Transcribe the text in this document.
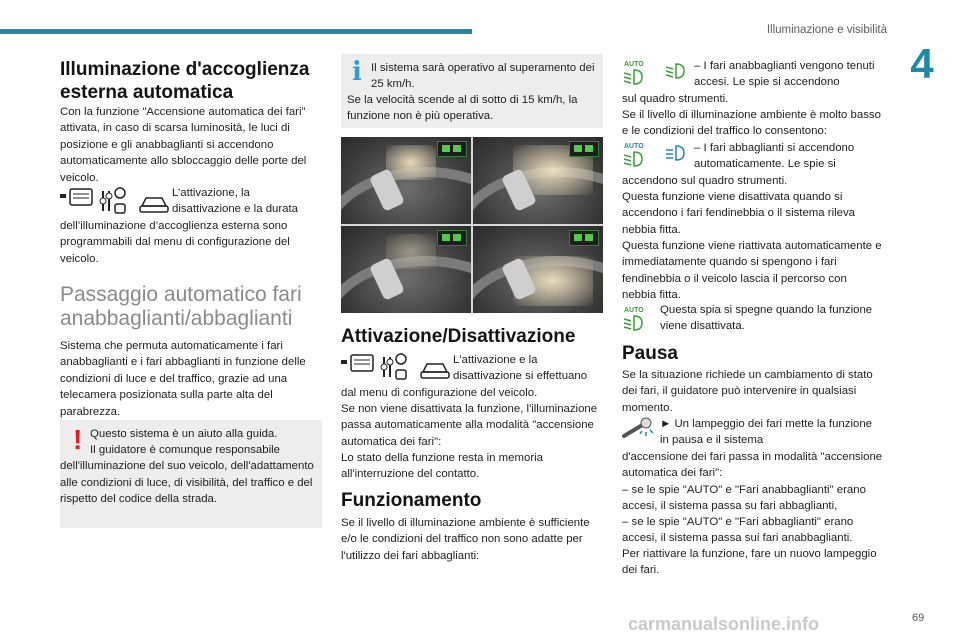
Illuminazione e visibilità
4
Illuminazione d'accoglienza esterna automatica

Con la funzione "Accensione automatica dei fari" attivata, in caso di scarsa luminosità, le luci di posizione e gli anabbaglianti si accendono automaticamente allo sbloccaggio delle porte del veicolo.

L’attivazione, la disattivazione e la durata

dell’illuminazione d’accoglienza esterna sono programmabili dal menu di configurazione del veicolo.

Passaggio automatico fari anabbaglianti/abbaglianti

Sistema che permuta automaticamente i fari anabbaglianti e i fari abbaglianti in funzione delle condizioni di luce e del traffico, grazie ad una telecamera posizionata sulla parte alta del parabrezza.

! Questo sistema è un aiuto alla guida.

Il guidatore è comunque responsabile dell'illuminazione del suo veicolo, dell'adattamento alle condizioni di luce, di visibilità, del traffico e del rispetto del codice della strada.

i Il sistema sarà operativo al superamento dei 25 km/h.

Se la velocità scende al di sotto di 15 km/h, la funzione non è più operativa.

Attivazione/Disattivazione

L'attivazione e la disattivazione si effettuano

dal menu di configurazione del veicolo.

Se non viene disattivata la funzione, l'illuminazione passa automaticamente alla modalità "accensione automatica dei fari":

Lo stato della funzione resta in memoria all'interruzione del contatto.

Funzionamento

Se il livello di illuminazione ambiente è sufficiente e/o le condizioni del traffico non sono adatte per l'utilizzo dei fari abbaglianti:

AUTO	– I fari anabbaglianti vengono tenuti accesi. Le spie si accendono

sul quadro strumenti.

Se il livello di illuminazione ambiente è molto basso e le condizioni del traffico lo consentono:

AUTO	– I fari abbaglianti si accendono automaticamente. Le spie si

accendono sul quadro strumenti.

Questa funzione viene disattivata quando si accendono i fari fendinebbia o il sistema rileva nebbia fitta.

Questa funzione viene riattivata automaticamente e immediatamente quando si spengono i fari fendinebbia o il veicolo lascia il percorso con nebbia fitta.

AUTO Questa spia si spegne quando la funzione viene disattivata.

Pausa

Se la situazione richiede un cambiamento di stato dei fari, il guidatore può intervenire in qualsiasi momento.

► Un lampeggio dei fari mette la funzione in pausa e il sistema

d'accensione dei fari passa in modalità "accensione automatica dei fari":

– se le spie "AUTO" e "Fari anabbaglianti" erano accesi, il sistema passa su fari abbaglianti,

– se le spie "AUTO" e "Fari abbaglianti" erano accesi, il sistema passa sui fari anabbaglianti.

Per riattivare la funzione, fare un nuovo lampeggio dei fari.

carmanualsonline.info	69
